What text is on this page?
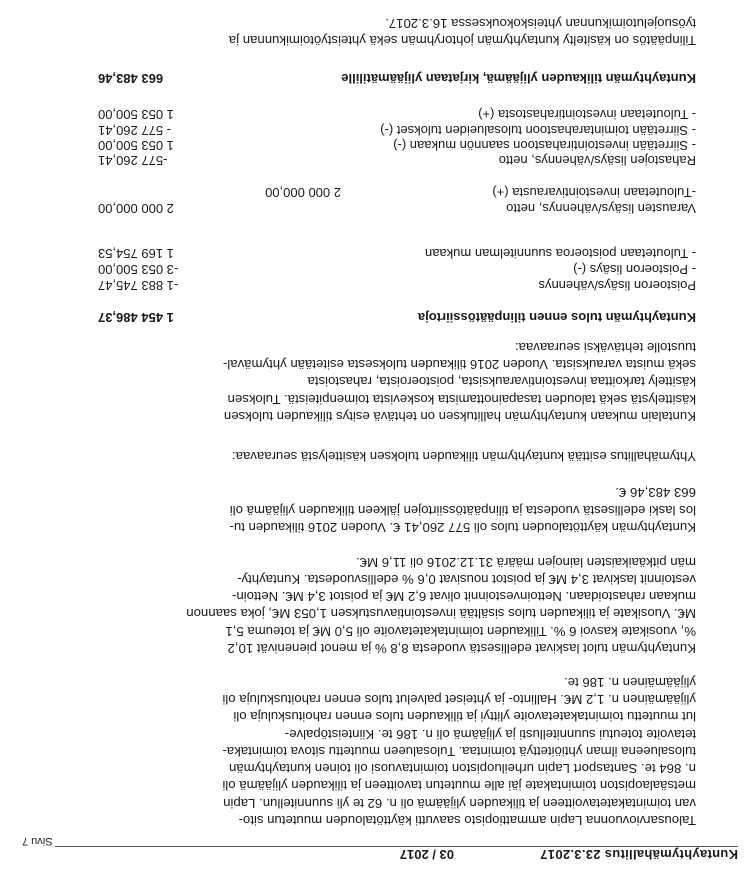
Kuntayhtymähallitus 23.3.2017
03 / 2017
Sivu 7
Talousarviovuonna Lapin ammattiopisto saavutti käyttötalouden muutetun sito-
van toimintakatetavoitteen ja tilikauden ylijäämä oli n. 62 te yli suunnitellun. Lapin
metsäalaopiston toimintakate jäi alle muutetun tavoitteen ja tilikauden ylijäämä oli
n. 864 te. Santasport Lapin urheiluopiston toimintavuosi oli toinen kuntayhtymän
tulosalueena ilman yhtiöitettyä toimintaa. Tulosalueen muutettu sitova toimintaka-
tetavoite toteutui suunnitellusti ja ylijäämä oli n. 186 te. Kiinteistöpalve-
lut muutettu toimintakatetavoite ylittyi ja tilikauden tulos ennen rahoituskuluja oli
ylijäämäinen n. 1,2 M€. Hallinto- ja yhteiset palvelut tulos ennen rahoituskuluja oli
ylijäämäinen n. 186 te.
Kuntayhtymän tulot laskivat edellisestä vuodesta 8,8 % ja menot pienenivät 10,2
%, vuosikate kasvoi 6 %. Tilikauden toimintakatetavoite oli 5,0 M€ ja toteuma 5,1
M€. Vuosikate ja tilikauden tulos sisältää investointiavustuksen 1,053 M€, joka saannon
mukaan rahastoidaan. Nettoinvestoinnit olivat 6,2 M€ ja poistot 3,4 M€. Nettoin-
vestoinnit laskivat 3,4 M€ ja poistot nousivat 0,6 % edellisvuodesta. Kuntayhty-
män pitkäaikaisten lainojen määrä 31.12.2016 oli 11,6 M€.
Kuntayhtymän käyttötalouden tulos oli 577 260,41 €. Vuoden 2016 tilikauden tu-
los laski edellisestä vuodesta ja tilinpäätössiirtojen jälkeen tilikauden ylijäämä oli
663 483,46 €.
Yhtymähallitus esittää kuntayhtymän tilikauden tuloksen käsittelystä seuraavaa:
Kuntalain mukaan kuntayhtymän hallituksen on tehtävä esitys tilikauden tuloksen
käsittelystä sekä talouden tasapainottamista koskevista toimenpiteistä. Tuloksen
käsittely tarkoittaa investointivarauksista, poistoeroista, rahastoista
sekä muista varauksista. Vuoden 2016 tilikauden tuloksesta esitetään yhtymäval-
tuustolle tehtäväksi seuraavaa:
Kuntayhtymän tulos ennen tilinpäätössiirtoja
1 454 486,37
Poistoeron lisäys/vähennys
-1 883 745,47
- Poistoeron lisäys (-)
-3 053 500,00
- Tuloutetaan poistoeroa suunnitelman mukaan
1 169 754,53
Varausten lisäys/vähennys, netto
2 000 000,00
-Tuloutetaan investointivarausta (+)
2 000 000,00
Rahastojen lisäys/vähennys, netto
-577 260,41
- Siirretään investointirahastoon saannön mukaan (-)
1 053 500,00
- Siirretään toimintarahastoon tulosalueiden tulokset (-)
- 577 260,41
- Tuloutetaan investointirahastosta (+)
1 053 500,00
Kuntayhtymän tilikauden ylijäämä, kirjataan ylijäämätilille
663 483,46
Tilinpäätös on käsitelty kuntayhtymän johtoryhmän sekä yhteistyötoimikunnan ja
työsuojelutoimikunnan yhteiskokouksessa 16.3.2017.
